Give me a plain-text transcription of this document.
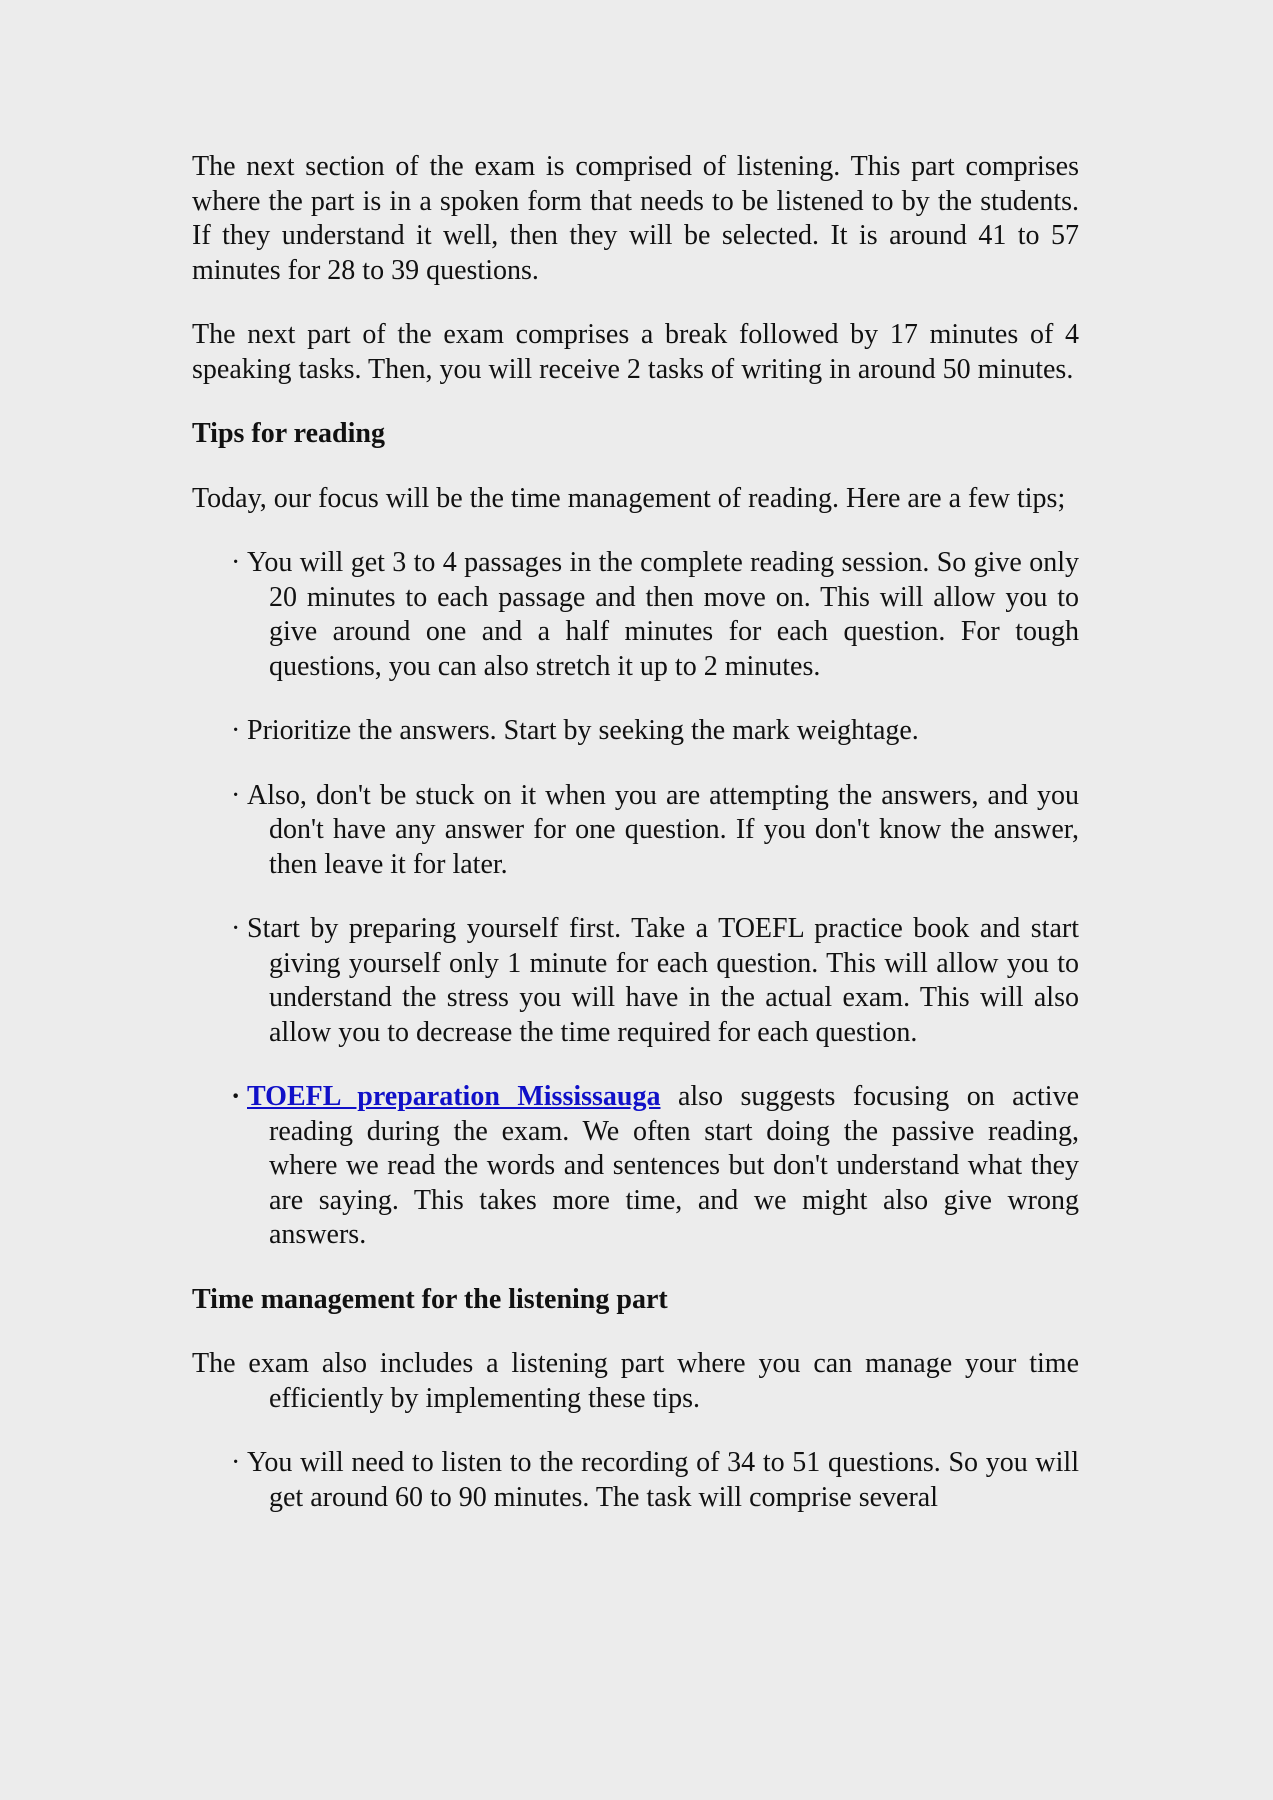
The next section of the exam is comprised of listening. This part comprises where the part is in a spoken form that needs to be listened to by the students. If they understand it well, then they will be selected. It is around 41 to 57 minutes for 28 to 39 questions.

The next part of the exam comprises a break followed by 17 minutes of 4 speaking tasks. Then, you will receive 2 tasks of writing in around 50 minutes.

Tips for reading

Today, our focus will be the time management of reading. Here are a few tips;

· You will get 3 to 4 passages in the complete reading session. So give only 20 minutes to each passage and then move on. This will allow you to give around one and a half minutes for each question. For tough questions, you can also stretch it up to 2 minutes.

· Prioritize the answers. Start by seeking the mark weightage.

· Also, don't be stuck on it when you are attempting the answers, and you don't have any answer for one question. If you don't know the answer, then leave it for later.

· Start by preparing yourself first. Take a TOEFL practice book and start giving yourself only 1 minute for each question. This will allow you to understand the stress you will have in the actual exam. This will also allow you to decrease the time required for each question.

· TOEFL preparation Mississauga also suggests focusing on active reading during the exam. We often start doing the passive reading, where we read the words and sentences but don't understand what they are saying. This takes more time, and we might also give wrong answers.

Time management for the listening part

The exam also includes a listening part where you can manage your time efficiently by implementing these tips.

· You will need to listen to the recording of 34 to 51 questions. So you will get around 60 to 90 minutes. The task will comprise several
